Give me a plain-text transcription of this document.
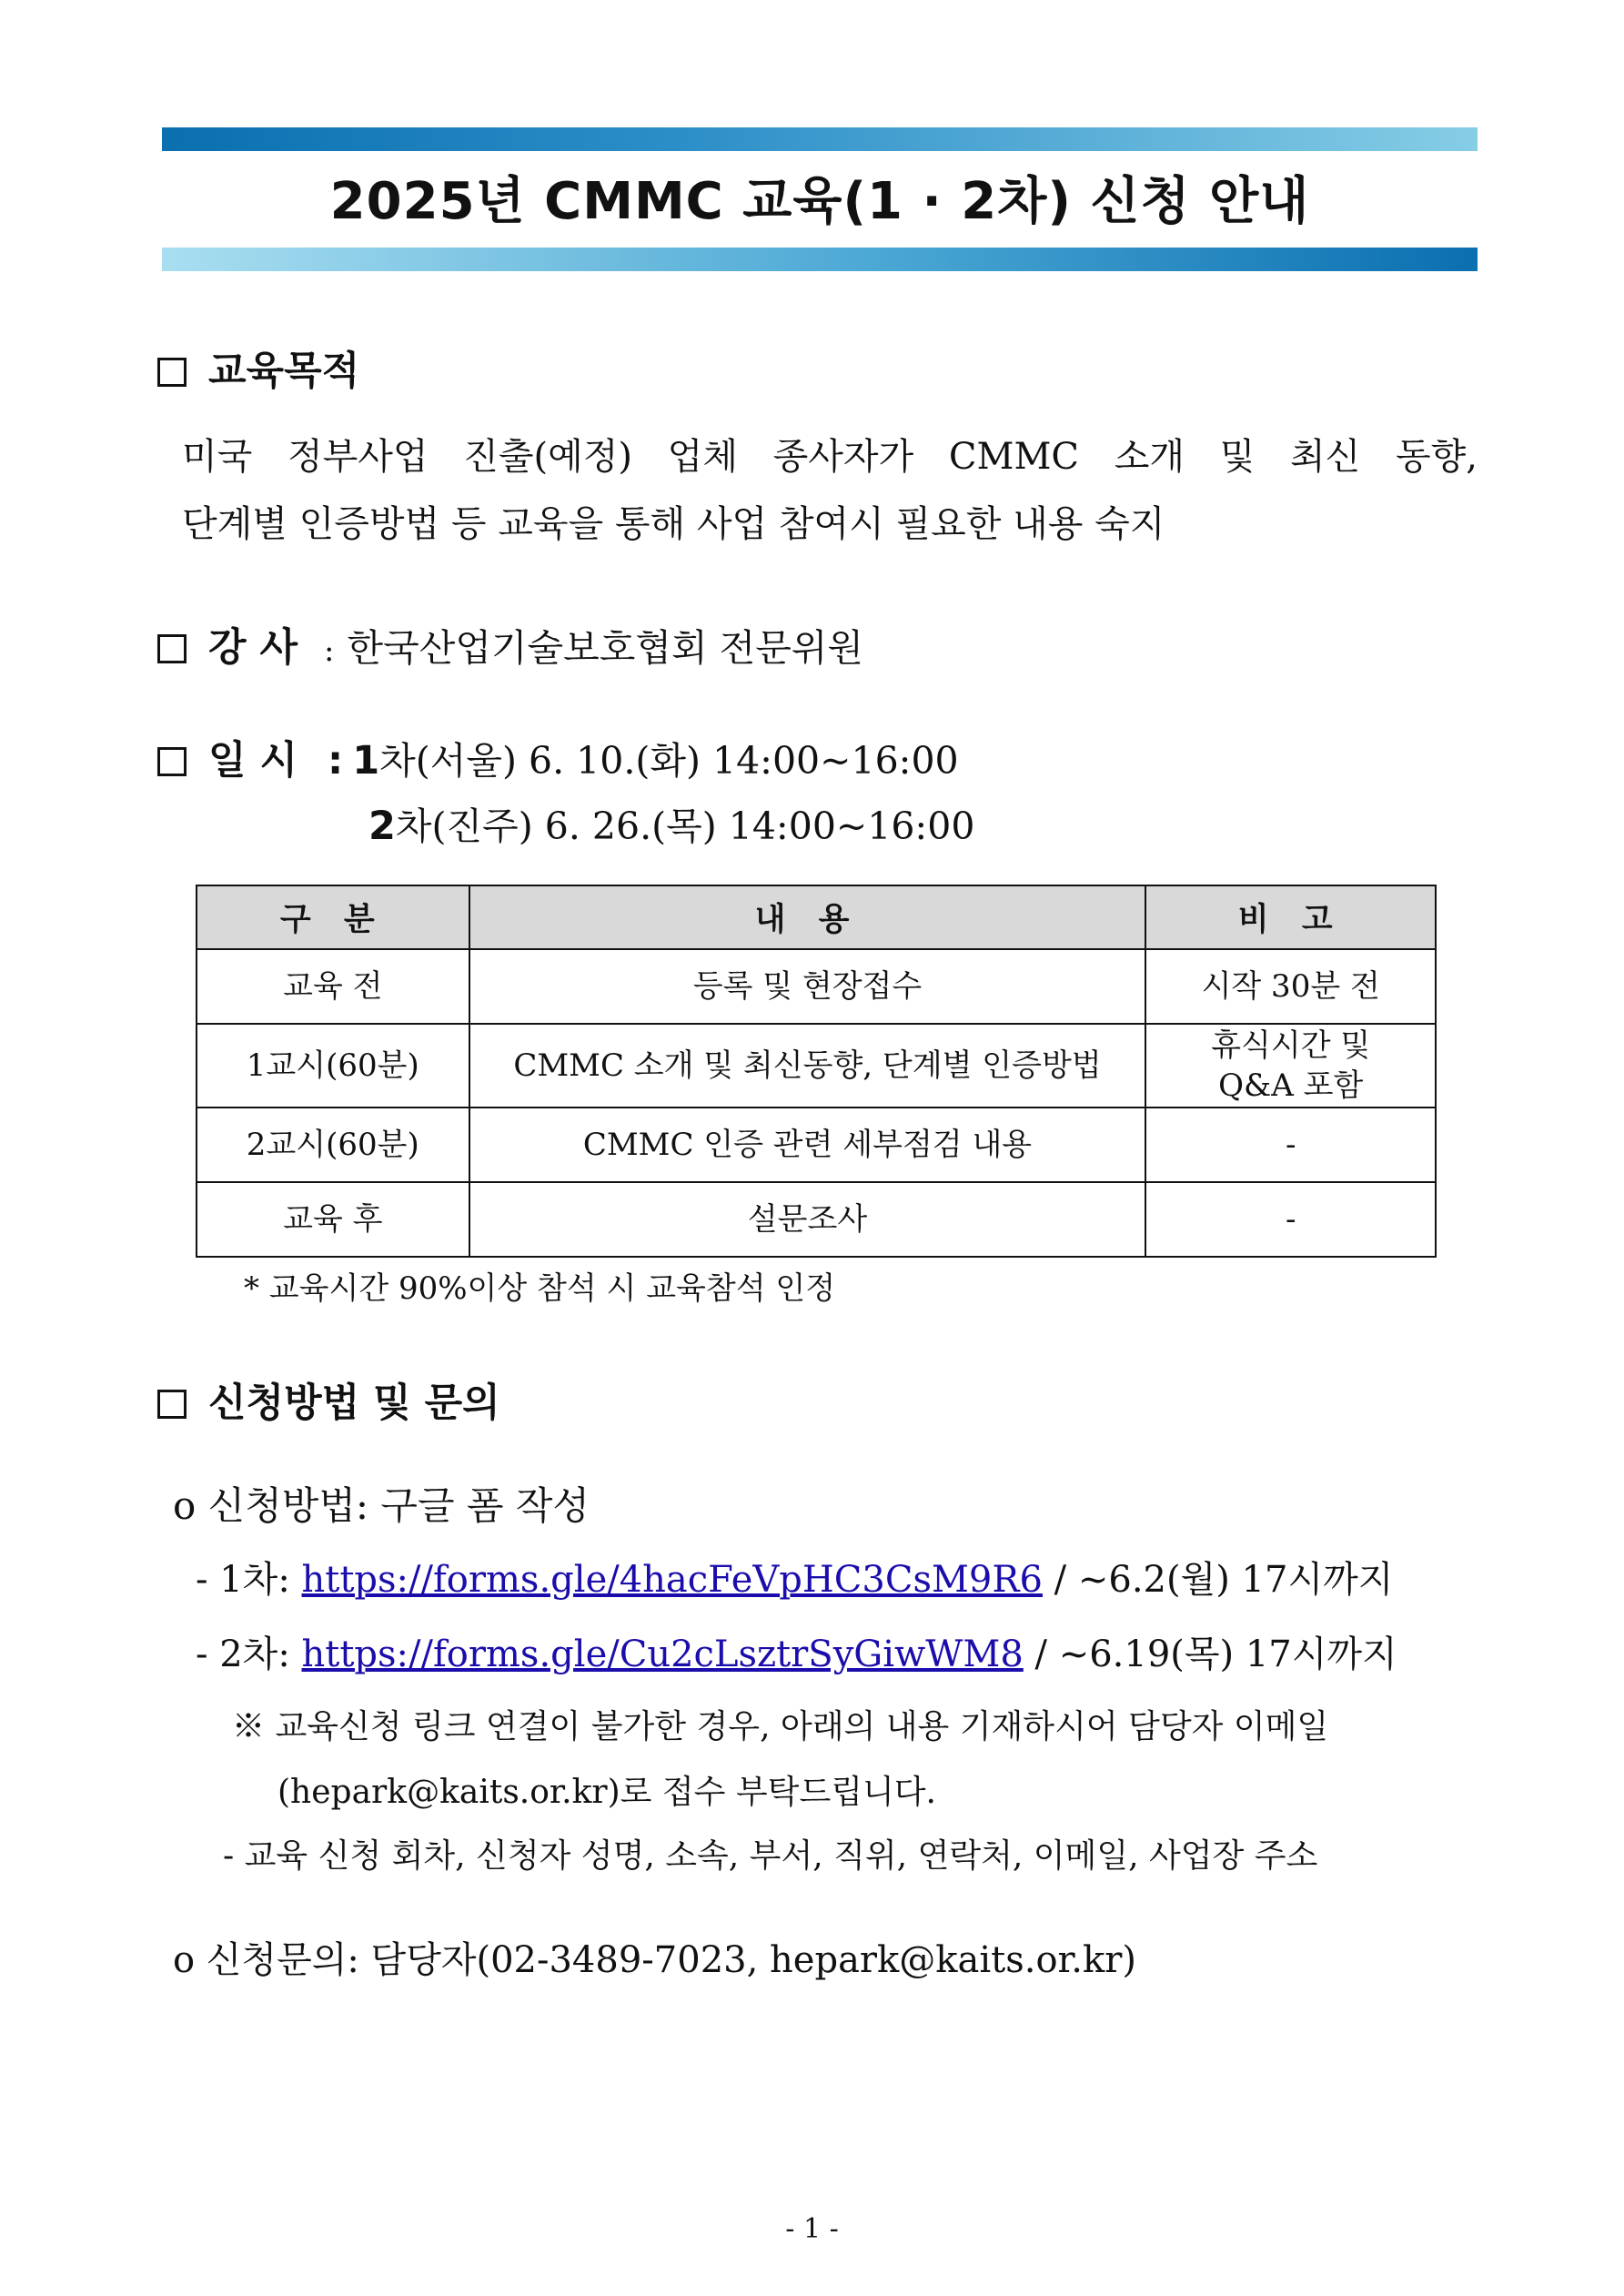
2025년 CMMC 교육(1 · 2차) 신청 안내
교육목적
미국 정부사업 진출(예정) 업체 종사자가 CMMC 소개 및 최신 동향,
단계별 인증방법 등 교육을 통해 사업 참여시 필요한 내용 숙지
강 사 : 한국산업기술보호협회 전문위원
일 시 : 1차(서울) 6. 10.(화) 14:00~16:00
2차(진주) 6. 26.(목) 14:00~16:00
구 분	내 용	비 고
교육 전	등록 및 현장접수	시작 30분 전
1교시(60분)	CMMC 소개 및 최신동향, 단계별 인증방법	휴식시간 및
Q&A 포함

2교시(60분)	CMMC 인증 관련 세부점검 내용	-
교육 후	설문조사	-
* 교육시간 90%이상 참석 시 교육참석 인정
신청방법 및 문의
o 신청방법: 구글 폼 작성
- 1차: https://forms.gle/4hacFeVpHC3CsM9R6 / ~6.2(월) 17시까지
- 2차: https://forms.gle/Cu2cLsztrSyGiwWM8 / ~6.19(목) 17시까지
※ 교육신청 링크 연결이 불가한 경우, 아래의 내용 기재하시어 담당자 이메일
(hepark@kaits.or.kr)로 접수 부탁드립니다.
- 교육 신청 회차, 신청자 성명, 소속, 부서, 직위, 연락처, 이메일, 사업장 주소
o 신청문의: 담당자(02-3489-7023, hepark@kaits.or.kr)
- 1 -
